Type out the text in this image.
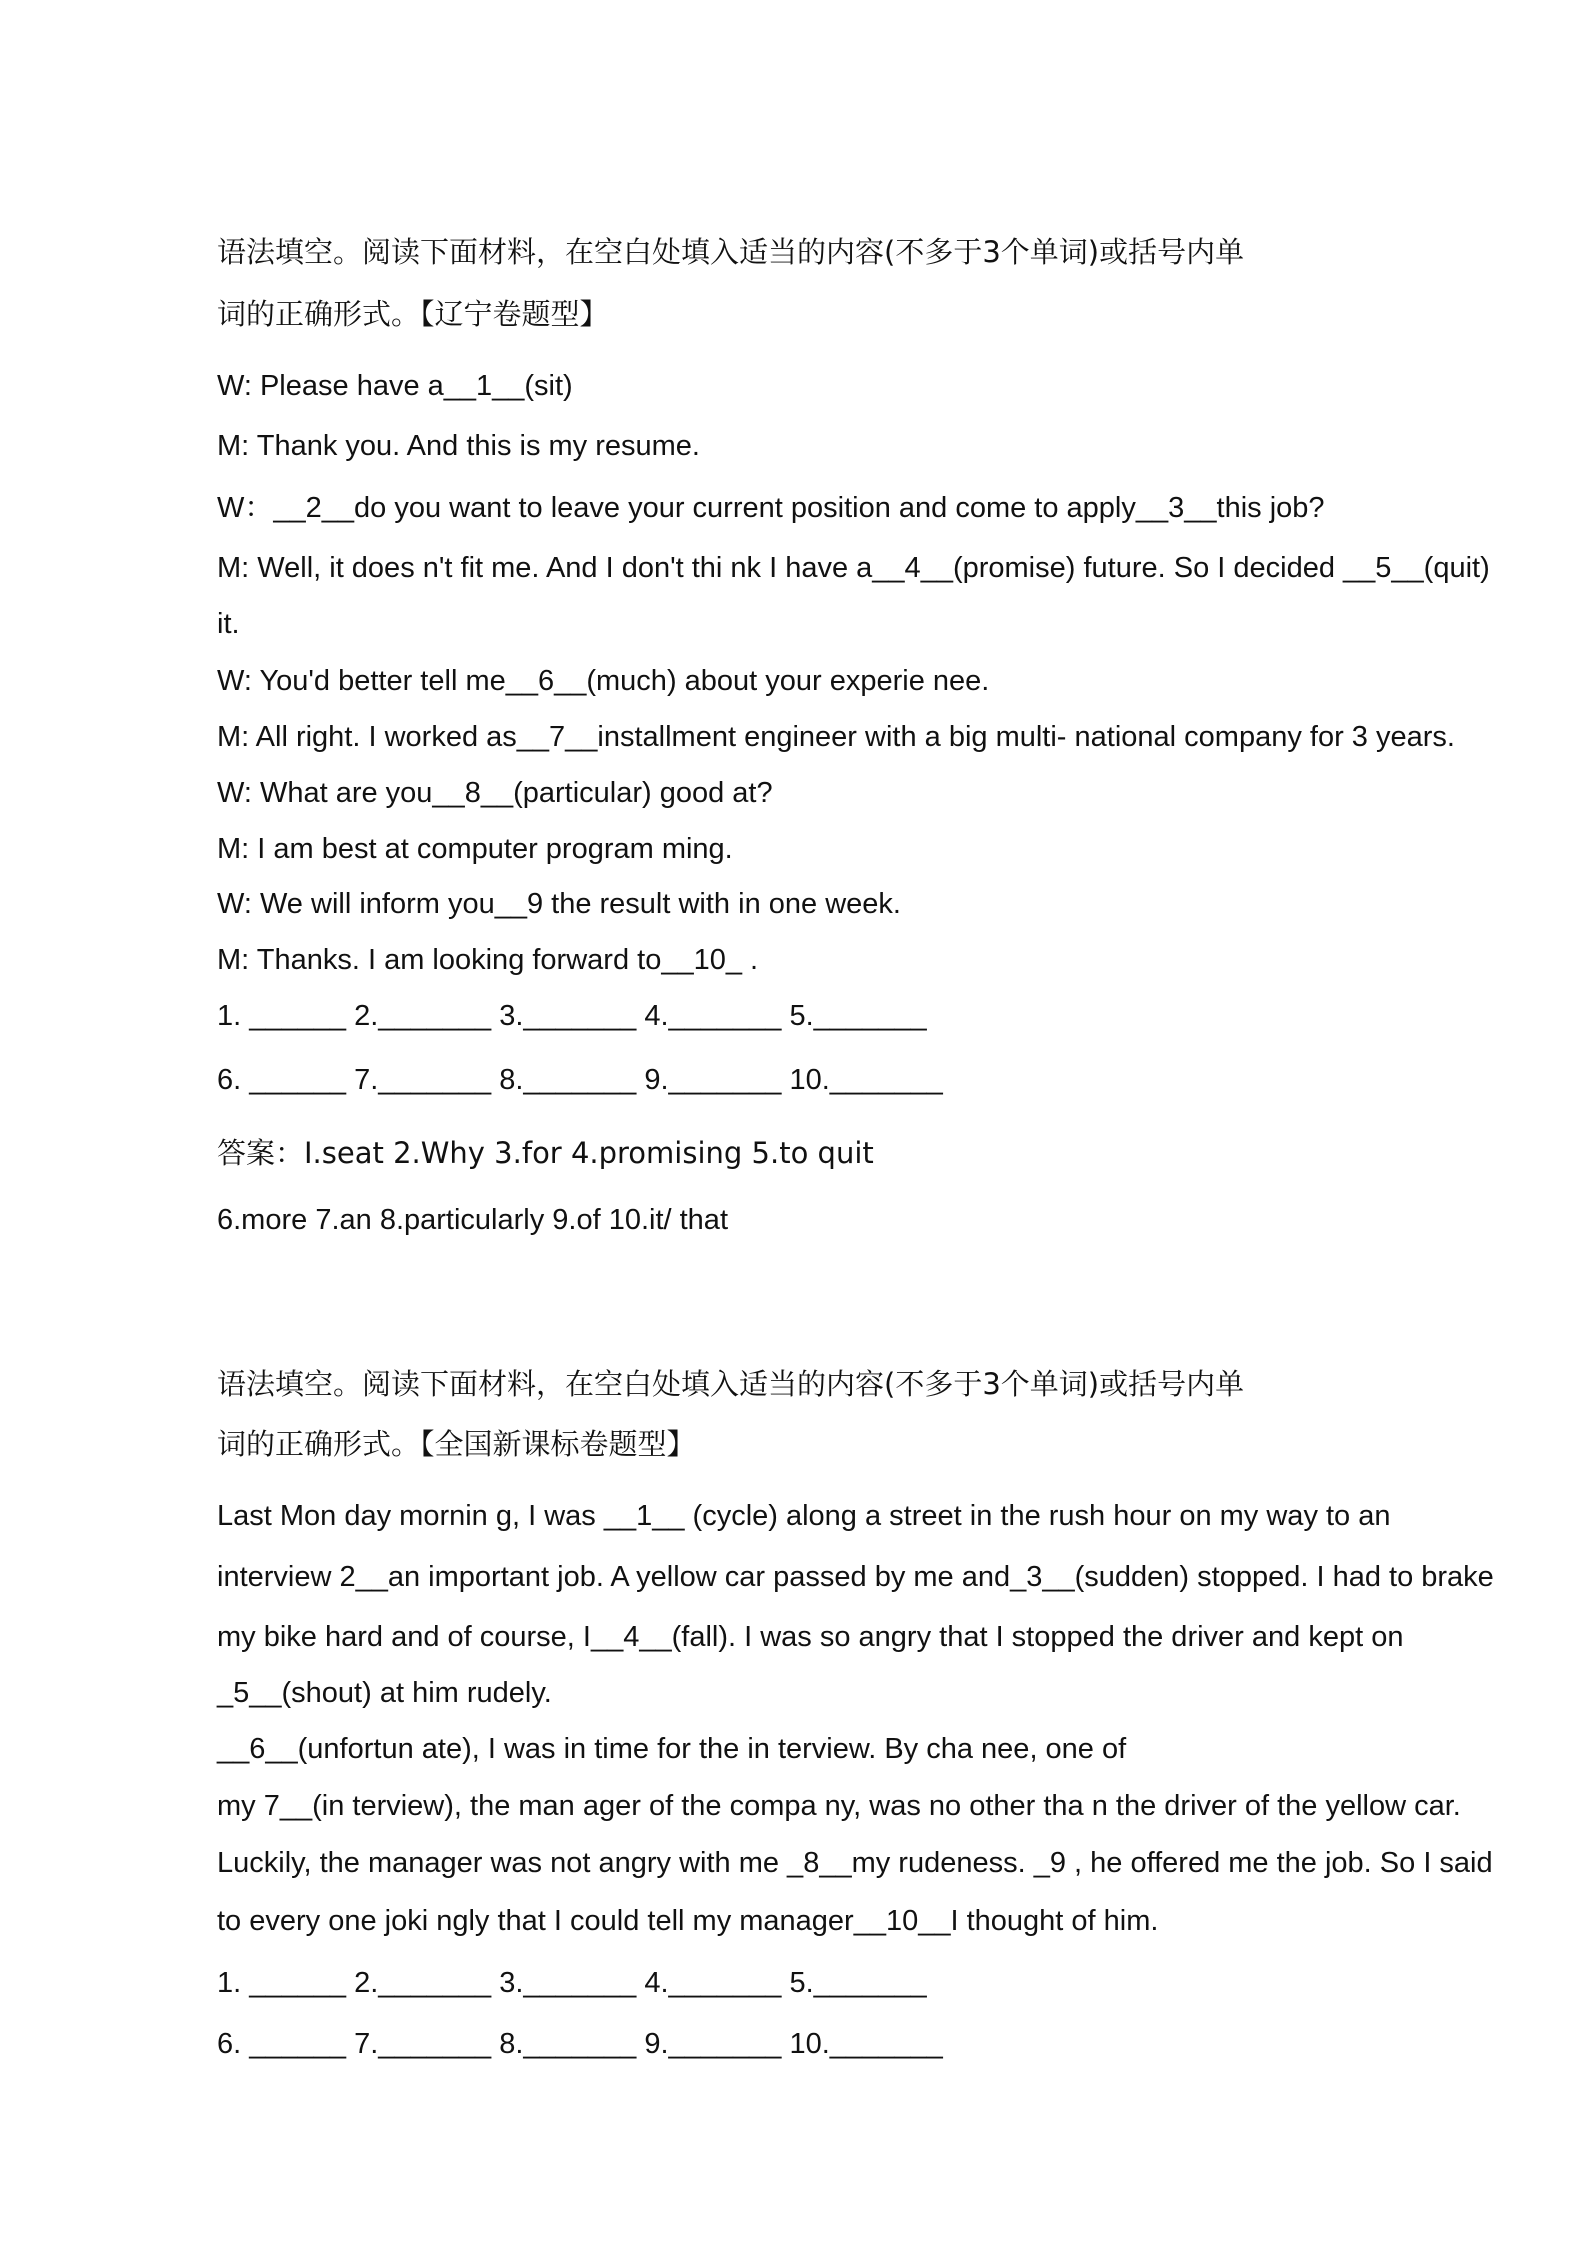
语法填空。阅读下面材料，在空白处填入适当的内容(不多于3个单词)或括号内单
词的正确形式。【辽宁卷题型】
W: Please have a__1__(sit)
M: Thank you. And this is my resume.
W：__2__do you want to leave your current position and come to apply__3__this job?
M: Well, it does n't fit me. And I don't thi nk I have a__4__(promise) future. So I decided __5__(quit)
it.
W: You'd better tell me__6__(much) about your experie nee.
M: All right. I worked as__7__installment engineer with a big multi- national company for 3 years.
W: What are you__8__(particular) good at?
M: I am best at computer program ming.
W: We will inform you__9 the result with in one week.
M: Thanks. I am looking forward to__10_ .
1. ______ 2._______ 3._______ 4._______ 5._______
6. ______ 7._______ 8._______ 9._______ 10._______
答案：I.seat 2.Why 3.for 4.promising 5.to quit
6.more 7.an 8.particularly 9.of 10.it/ that
语法填空。阅读下面材料，在空白处填入适当的内容(不多于3个单词)或括号内单
词的正确形式。【全国新课标卷题型】
Last Mon day mornin g, I was __1__ (cycle) along a street in the rush hour on my way to an
interview 2__an important job. A yellow car passed by me and_3__(sudden) stopped. I had to brake
my bike hard and of course, I__4__(fall). I was so angry that I stopped the driver and kept on
_5__(shout) at him rudely.
__6__(unfortun ate), I was in time for the in terview. By cha nee, one of
my 7__(in terview), the man ager of the compa ny, was no other tha n the driver of the yellow car.
Luckily, the manager was not angry with me _8__my rudeness. _9 , he offered me the job. So I said
to every one joki ngly that I could tell my manager__10__I thought of him.
1. ______ 2._______ 3._______ 4._______ 5._______
6. ______ 7._______ 8._______ 9._______ 10._______
